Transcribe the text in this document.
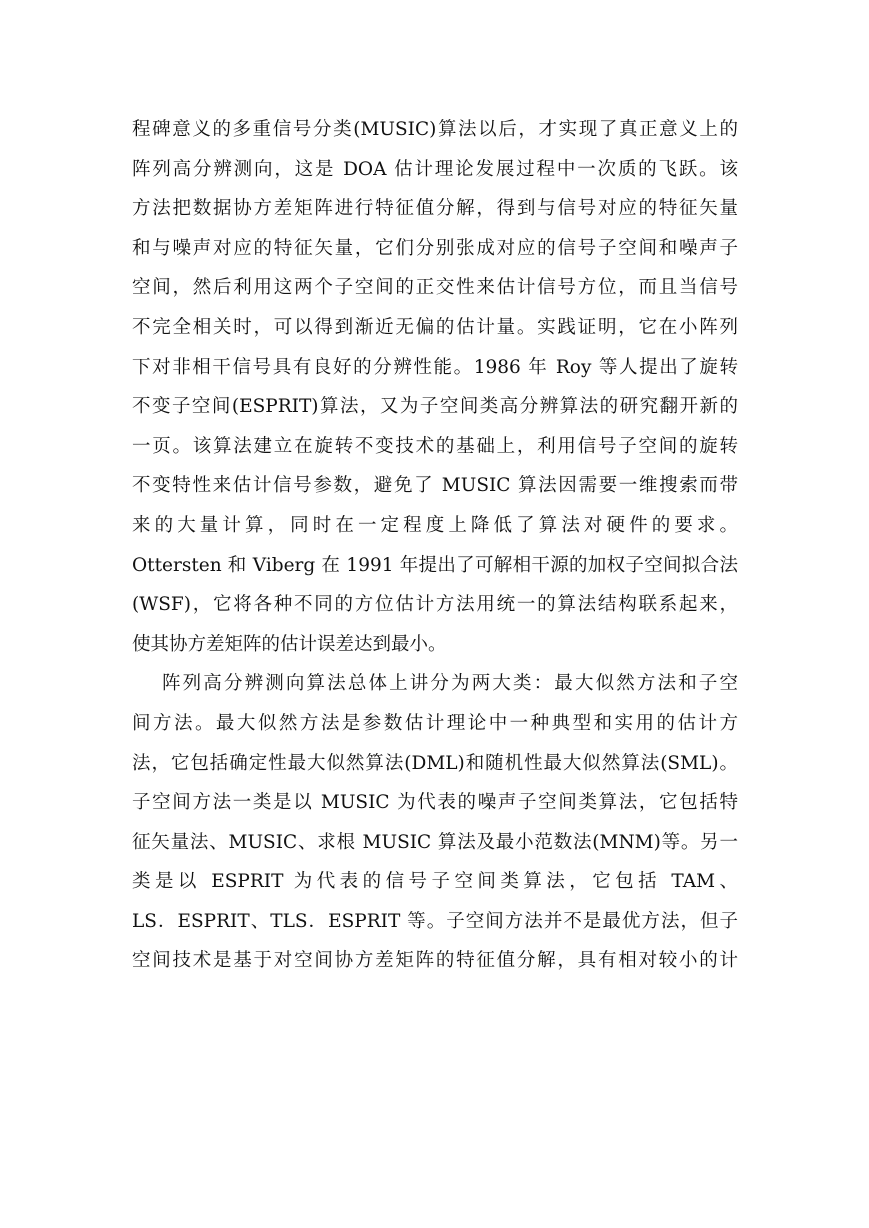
程碑意义的多重信号分类(MUSIC)算法以后，才实现了真正意义上的
阵列高分辨测向，这是 DOA 估计理论发展过程中一次质的飞跃。该
方法把数据协方差矩阵进行特征值分解，得到与信号对应的特征矢量
和与噪声对应的特征矢量，它们分别张成对应的信号子空间和噪声子
空间，然后利用这两个子空间的正交性来估计信号方位，而且当信号
不完全相关时，可以得到渐近无偏的估计量。实践证明，它在小阵列
下对非相干信号具有良好的分辨性能。1986 年 Roy 等人提出了旋转
不变子空间(ESPRIT)算法，又为子空间类高分辨算法的研究翻开新的
一页。该算法建立在旋转不变技术的基础上，利用信号子空间的旋转
不变特性来估计信号参数，避免了 MUSIC 算法因需要一维搜索而带
来的大量计算，同时在一定程度上降低了算法对硬件的要求。
Ottersten 和 Viberg 在 1991 年提出了可解相干源的加权子空间拟合法
(WSF)，它将各种不同的方位估计方法用统一的算法结构联系起来，
使其协方差矩阵的估计误差达到最小。
阵列高分辨测向算法总体上讲分为两大类：最大似然方法和子空
间方法。最大似然方法是参数估计理论中一种典型和实用的估计方
法，它包括确定性最大似然算法(DML)和随机性最大似然算法(SML)。
子空间方法一类是以 MUSIC 为代表的噪声子空间类算法，它包括特
征矢量法、MUSIC、求根 MUSIC 算法及最小范数法(MNM)等。另一
类是以 ESPRIT 为代表的信号子空间类算法，它包括 TAM、
LS．ESPRIT、TLS．ESPRIT 等。子空间方法并不是最优方法，但子
空间技术是基于对空间协方差矩阵的特征值分解，具有相对较小的计
